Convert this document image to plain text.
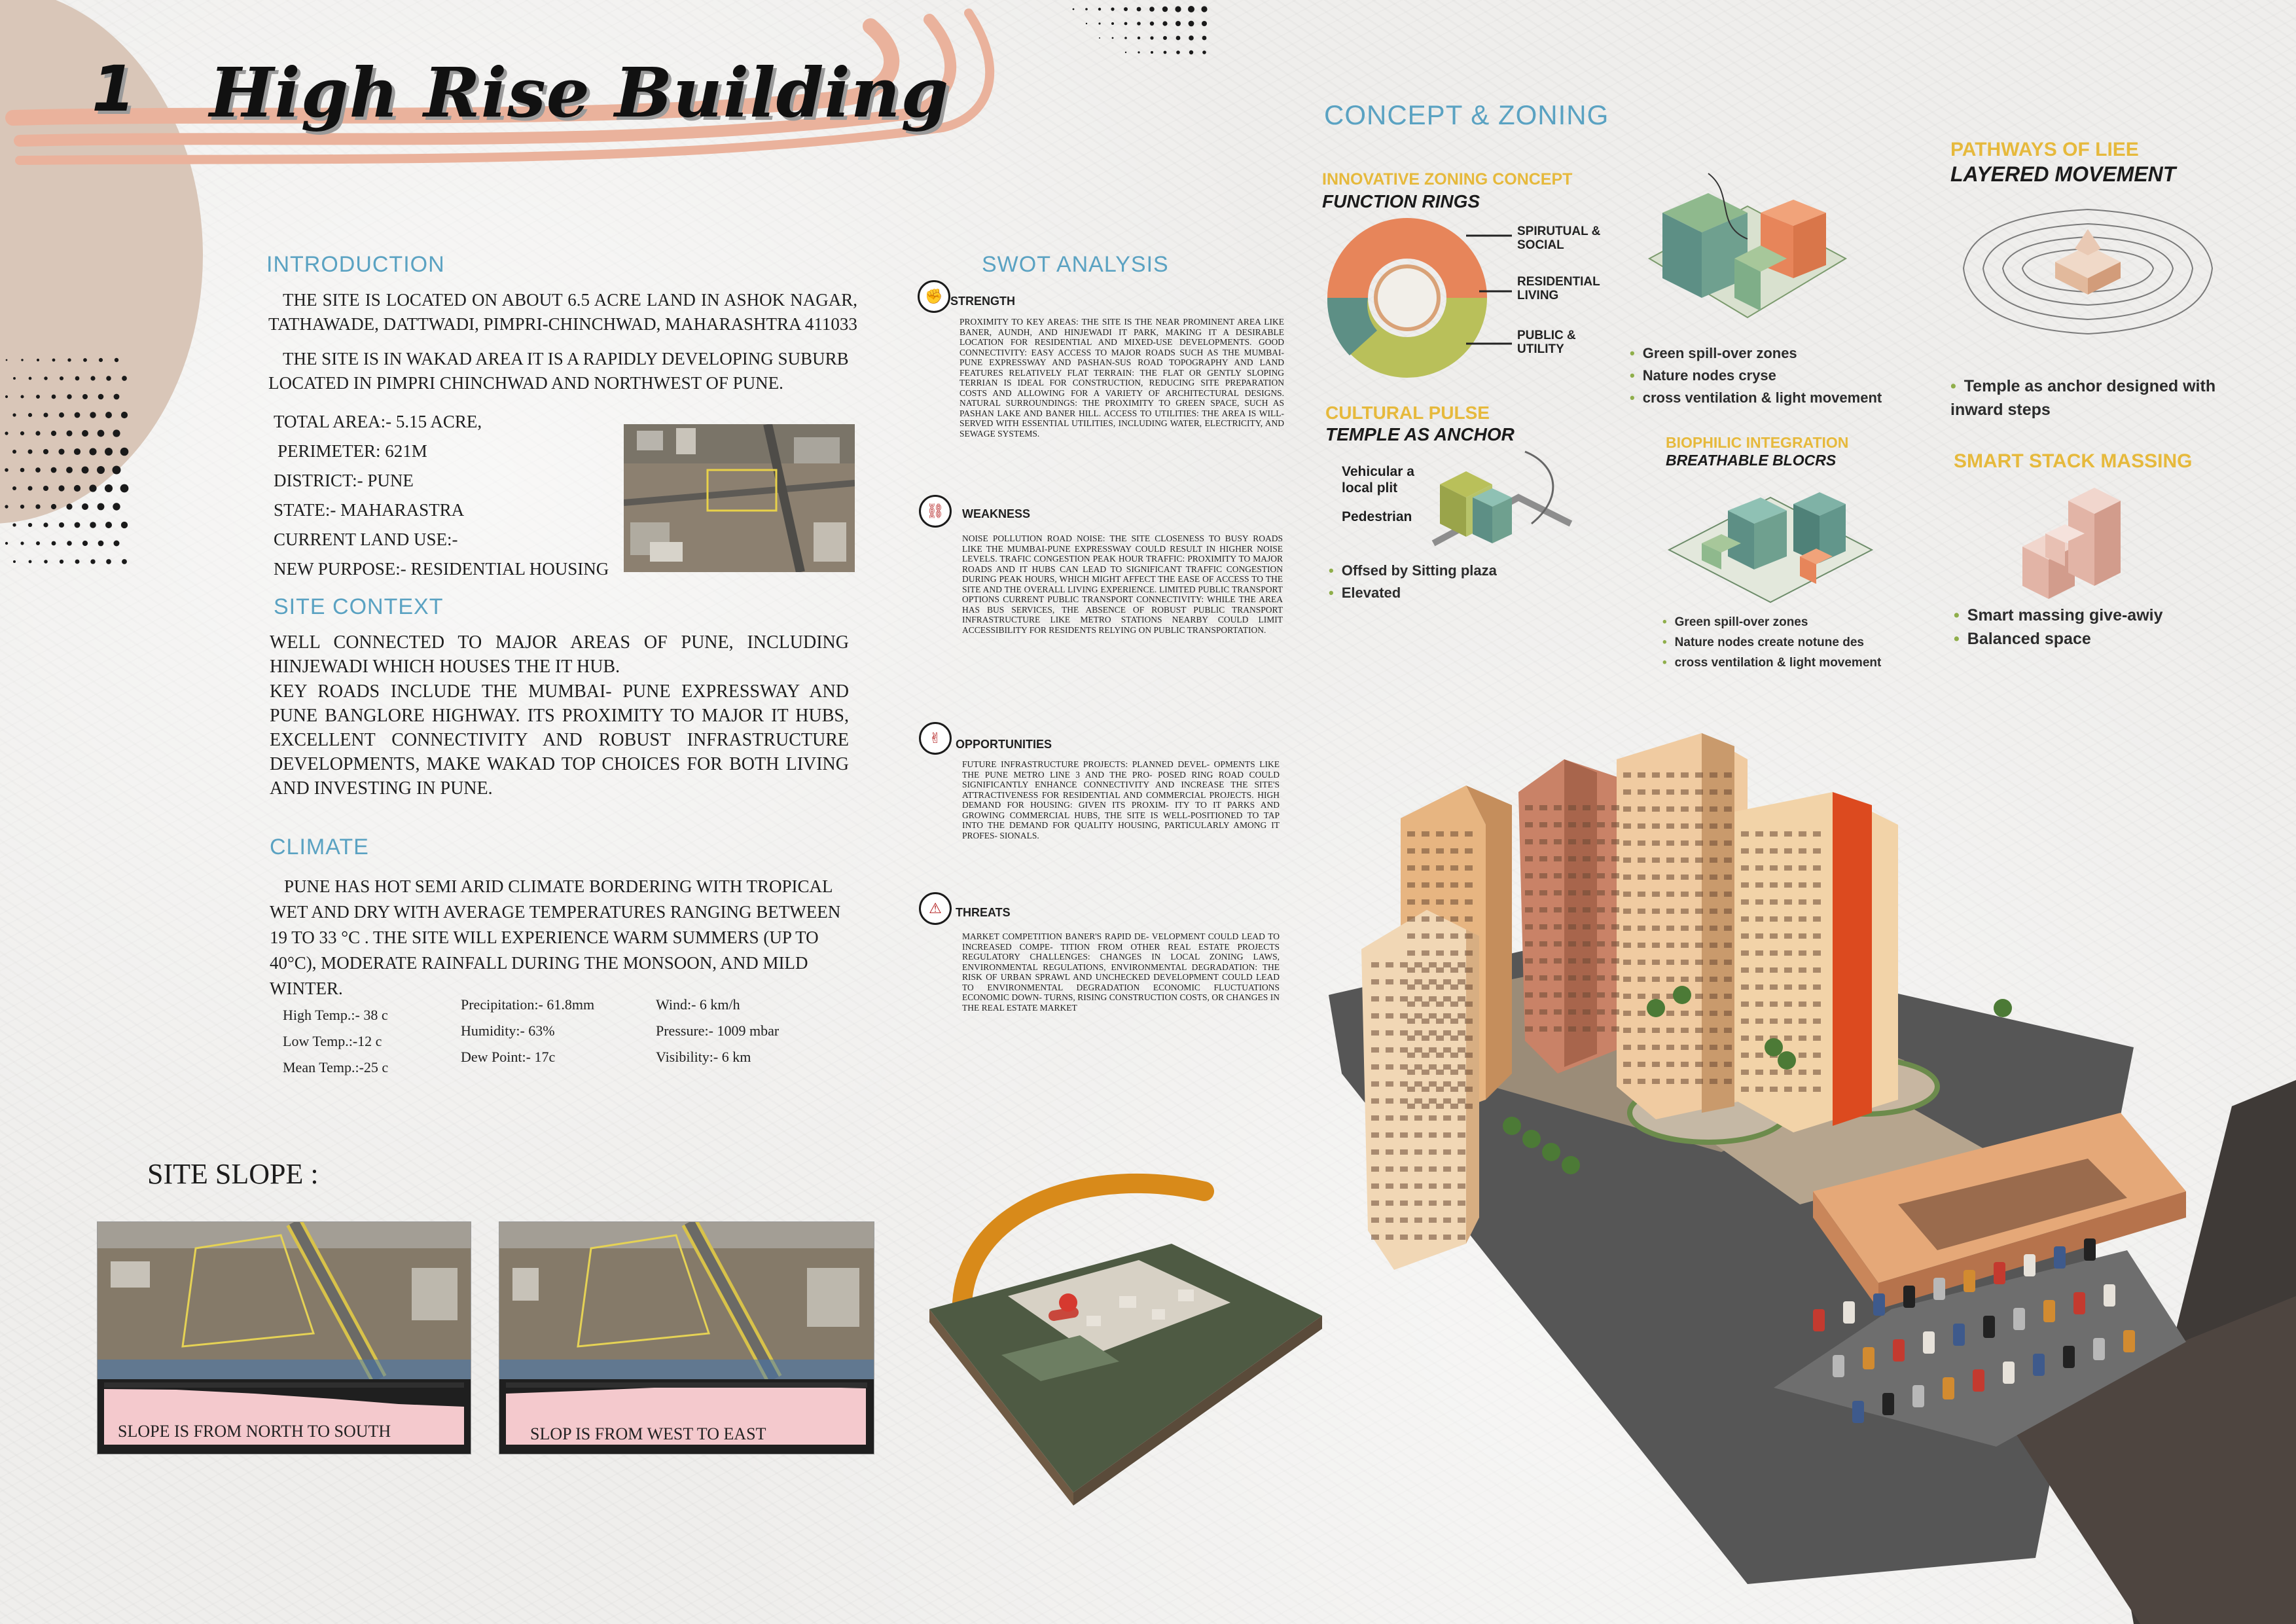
1 High Rise Building
INTRODUCTION
THE SITE IS LOCATED ON ABOUT 6.5 ACRE LAND IN ASHOK NAGAR, TATHAWADE, DATTWADI, PIMPRI-CHINCHWAD, MAHARASHTRA 411033
THE SITE IS IN WAKAD AREA IT IS A RAPIDLY DEVELOPING SUBURB LOCATED IN PIMPRI CHINCHWAD AND NORTHWEST OF PUNE.
TOTAL AREA:- 5.15 ACRE,
PERIMETER: 621M
DISTRICT:- PUNE
STATE:- MAHARASTRA
CURRENT LAND USE:-
NEW PURPOSE:- RESIDENTIAL HOUSING
SITE CONTEXT
WELL CONNECTED TO MAJOR AREAS OF PUNE, INCLUDING HINJEWADI WHICH HOUSES THE IT HUB.
KEY ROADS INCLUDE THE MUMBAI- PUNE EXPRESSWAY AND PUNE BANGLORE HIGHWAY. ITS PROXIMITY TO MAJOR IT HUBS, EXCELLENT CONNECTIVITY AND ROBUST INFRASTRUCTURE DEVELOPMENTS, MAKE WAKAD TOP CHOICES FOR BOTH LIVING AND INVESTING IN PUNE.
CLIMATE
PUNE HAS HOT SEMI ARID CLIMATE BORDERING WITH TROPICAL WET AND DRY WITH AVERAGE TEMPERATURES RANGING BETWEEN 19 TO 33 °C . THE SITE WILL EXPERIENCE WARM SUMMERS (UP TO 40°C), MODERATE RAINFALL DURING THE MONSOON, AND MILD WINTER.
High Temp.:- 38 c
Low Temp.:-12 c
Mean Temp.:-25 c
Precipitation:- 61.8mm
Humidity:- 63%
Dew Point:- 17c
Wind:- 6 km/h
Pressure:- 1009 mbar
Visibility:- 6 km
SITE SLOPE :
SLOPE IS FROM NORTH TO SOUTH	SLOP IS FROM WEST TO EAST
SWOT ANALYSIS
✊ STRENGTH
PROXIMITY TO KEY AREAS: THE SITE IS THE NEAR PROMINENT AREA LIKE BANER, AUNDH, AND HINJEWADI IT PARK, MAKING IT A DESIRABLE LOCATION FOR RESIDENTIAL AND MIXED-USE DEVELOPMENTS. GOOD CONNECTIVITY: EASY ACCESS TO MAJOR ROADS SUCH AS THE MUMBAI-PUNE EXPRESSWAY AND PASHAN-SUS ROAD TOPOGRAPHY AND LAND FEATURES RELATIVELY FLAT TERRAIN: THE FLAT OR GENTLY SLOPING TERRIAN IS IDEAL FOR CONSTRUCTION, REDUCING SITE PREPARATION COSTS AND ALLOWING FOR A VARIETY OF ARCHITECTURAL DESIGNS. NATURAL SURROUNDINGS: THE PROXIMITY TO GREEN SPACE, SUCH AS PASHAN LAKE AND BANER HILL. ACCESS TO UTILITIES: THE AREA IS WILL-SERVED WITH ESSENTIAL UTILITIES, INCLUDING WATER, ELECTRICITY, AND SEWAGE SYSTEMS.
⛓	WEAKNESS
NOISE POLLUTION ROAD NOISE: THE SITE CLOSENESS TO BUSY ROADS LIKE THE MUMBAI-PUNE EXPRESSWAY COULD RESULT IN HIGHER NOISE LEVELS. TRAFIC CONGESTION PEAK HOUR TRAFFIC: PROXIMITY TO MAJOR ROADS AND IT HUBS CAN LEAD TO SIGNIFICANT TRAFFIC CONGESTION DURING PEAK HOURS, WHICH MIGHT AFFECT THE EASE OF ACCESS TO THE SITE AND THE OVERALL LIVING EXPERIENCE. LIMITED PUBLIC TRANSPORT OPTIONS CURRENT PUBLIC TRANSPORT CONNECTIVITY: WHILE THE AREA HAS BUS SERVICES, THE ABSENCE OF ROBUST PUBLIC TRANSPORT INFRASTRUCTURE LIKE METRO STATIONS NEARBY COULD LIMIT ACCESSIBILITY FOR RESIDENTS RELYING ON PUBLIC TRANSPORTATION.
✌	OPPORTUNITIES
FUTURE INFRASTRUCTURE PROJECTS: PLANNED DEVEL- OPMENTS LIKE THE PUNE METRO LINE 3 AND THE PRO- POSED RING ROAD COULD SIGNIFICANTLY ENHANCE CONNECTIVITY AND INCREASE THE SITE'S ATTRACTIVENESS FOR RESIDENTIAL AND COMMERCIAL PROJECTS. HIGH DEMAND FOR HOUSING: GIVEN ITS PROXIM- ITY TO IT PARKS AND GROWING COMMERCIAL HUBS, THE SITE IS WELL-POSITIONED TO TAP INTO THE DEMAND FOR QUALITY HOUSING, PARTICULARLY AMONG IT PROFES- SIONALS.
⚠	THREATS
MARKET COMPETITION BANER'S RAPID DE- VELOPMENT COULD LEAD TO INCREASED COMPE- TITION FROM OTHER REAL ESTATE PROJECTS REGULATORY CHALLENGES: CHANGES IN LOCAL ZONING LAWS, ENVIRONMENTAL REGULATIONS, ENVIRONMENTAL DEGRADATION: THE RISK OF URBAN SPRAWL AND UNCHECKED DEVELOPMENT COULD LEAD TO ENVIRONMENTAL DEGRADATION ECONOMIC FLUCTUATIONS ECONOMIC DOWN- TURNS, RISING CONSTRUCTION COSTS, OR CHANGES IN THE REAL ESTATE MARKET
CONCEPT & ZONING
INNOVATIVE ZONING CONCEPT
FUNCTION RINGS
SPIRUTUAL & SOCIAL
RESIDENTIAL LIVING
PUBLIC & UTILITY
•	Green spill-over zones
• Nature nodes cryse
• cross ventilation & light movement
PATHWAYS OF LIEE
LAYERED MOVEMENT
• Temple as anchor designed with inward steps
CULTURAL PULSE
TEMPLE AS ANCHOR
Vehicular a local plit
Pedestrian
• Offsed by Sitting plaza
• Elevated
BIOPHILIC INTEGRATION
BREATHABLE BLOCRS
• Green spill-over zones
• Nature nodes create notune des
• cross ventilation & light movement
SMART STACK MASSING
• Smart massing give-awiy
• Balanced space
